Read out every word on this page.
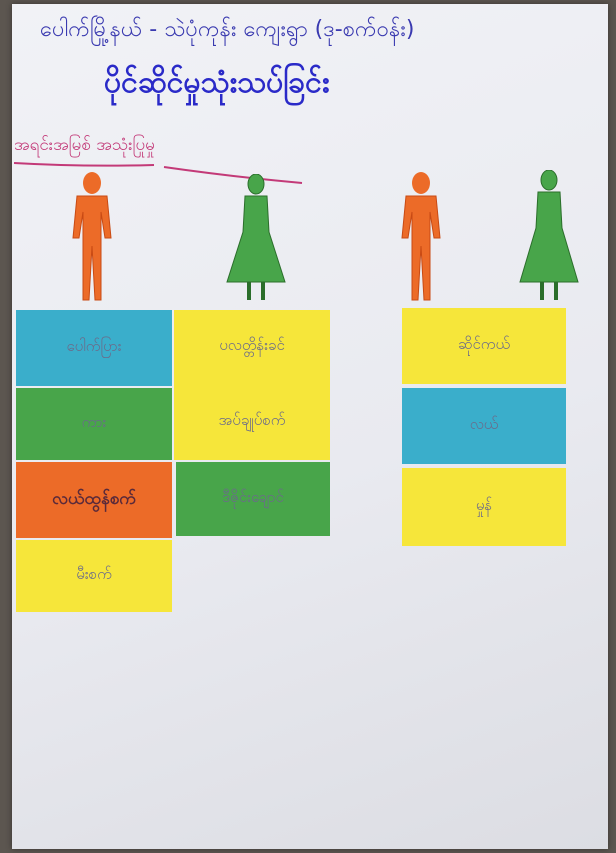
ပေါက်မြို့နယ် - သဲပုံကုန်း ကျေးရွာ (ဒု-စက်ဝန်း)

ပိုင်ဆိုင်မှုသုံးသပ်ခြင်း

အရင်းအမြစ် အသုံးပြုမှု

ပေါက်ပြား
ကား
လယ်ထွန်စက်
မီးစက်
ပလတ္တိန်းခင်
အပ်ချုပ်စက်
ဒီဇိုင်းချောင်
ဆိုင်ကယ်
လယ်
မှုန်
